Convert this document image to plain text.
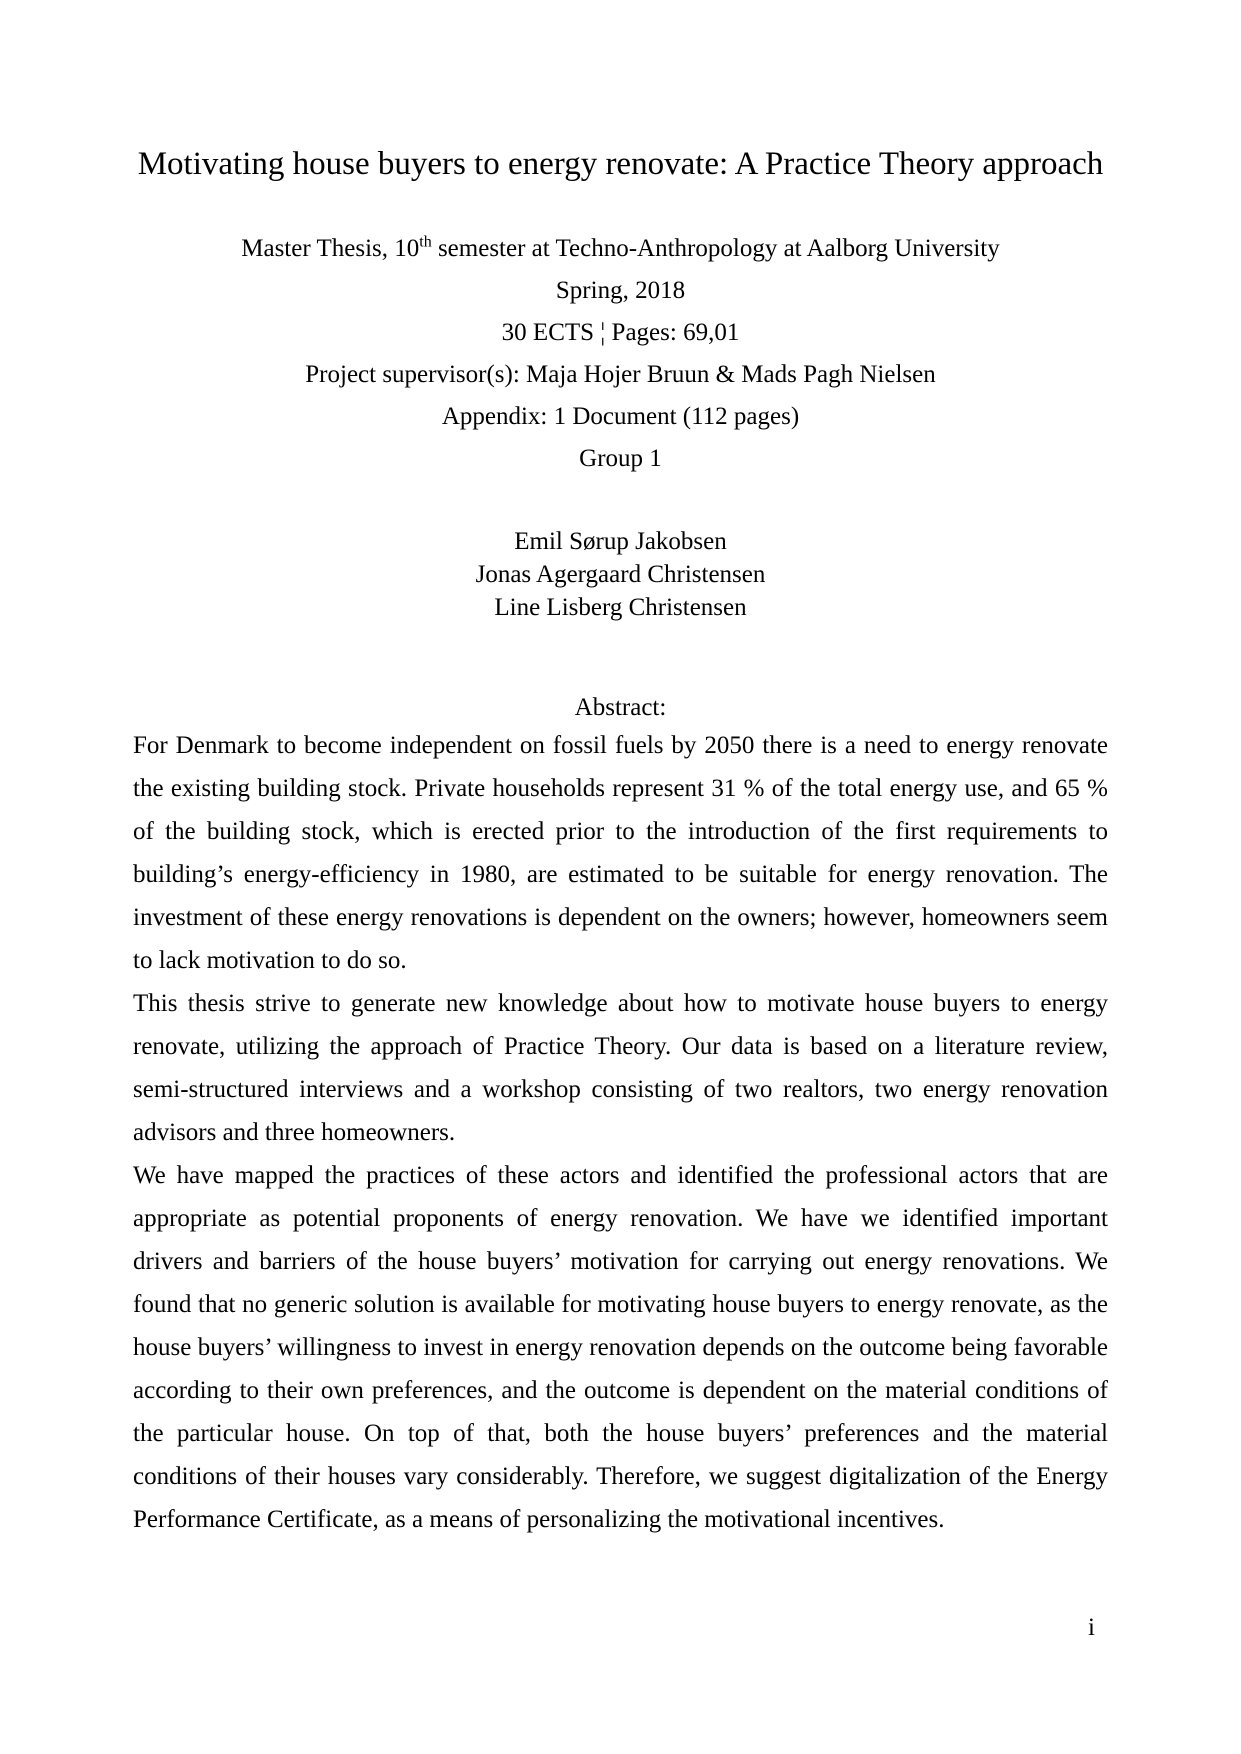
Motivating house buyers to energy renovate: A Practice Theory approach

Master Thesis, 10th semester at Techno-Anthropology at Aalborg University

Spring, 2018

30 ECTS ¦ Pages: 69,01

Project supervisor(s): Maja Hojer Bruun & Mads Pagh Nielsen

Appendix: 1 Document (112 pages)

Group 1

Emil Sørup Jakobsen

Jonas Agergaard Christensen

Line Lisberg Christensen

Abstract:

For Denmark to become independent on fossil fuels by 2050 there is a need to energy renovate the existing building stock. Private households represent 31 % of the total energy use, and 65 % of the building stock, which is erected prior to the introduction of the first requirements to building’s energy-efficiency in 1980, are estimated to be suitable for energy renovation. The investment of these energy renovations is dependent on the owners; however, homeowners seem to lack motivation to do so.

This thesis strive to generate new knowledge about how to motivate house buyers to energy renovate, utilizing the approach of Practice Theory. Our data is based on a literature review, semi-structured interviews and a workshop consisting of two realtors, two energy renovation advisors and three homeowners.

We have mapped the practices of these actors and identified the professional actors that are appropriate as potential proponents of energy renovation. We have we identified important drivers and barriers of the house buyers’ motivation for carrying out energy renovations. We found that no generic solution is available for motivating house buyers to energy renovate, as the house buyers’ willingness to invest in energy renovation depends on the outcome being favorable according to their own preferences, and the outcome is dependent on the material conditions of the particular house. On top of that, both the house buyers’ preferences and the material conditions of their houses vary considerably. Therefore, we suggest digitalization of the Energy Performance Certificate, as a means of personalizing the motivational incentives.

i
